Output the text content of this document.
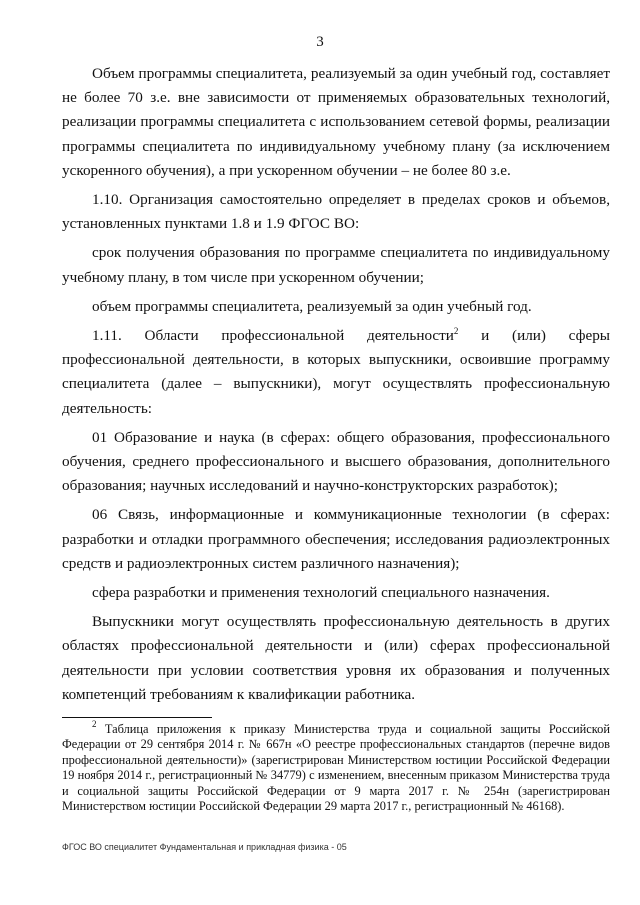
3

Объем программы специалитета, реализуемый за один учебный год, составляет не более 70 з.е. вне зависимости от применяемых образовательных технологий, реализации программы специалитета с использованием сетевой формы, реализации программы специалитета по индивидуальному учебному плану (за исключением ускоренного обучения), а при ускоренном обучении – не более 80 з.е.

1.10. Организация самостоятельно определяет в пределах сроков и объемов, установленных пунктами 1.8 и 1.9 ФГОС ВО:

срок получения образования по программе специалитета по индивидуальному учебному плану, в том числе при ускоренном обучении;

объем программы специалитета, реализуемый за один учебный год.

1.11. Области профессиональной деятельности$^2$ и (или) сферы профессиональной деятельности, в которых выпускники, освоившие программу специалитета (далее – выпускники), могут осуществлять профессиональную деятельность:

01 Образование и наука (в сферах: общего образования, профессионального обучения, среднего профессионального и высшего образования, дополнительного образования; научных исследований и научно-конструкторских разработок);

06 Связь, информационные и коммуникационные технологии (в сферах: разработки и отладки программного обеспечения; исследования радиоэлектронных средств и радиоэлектронных систем различного назначения);

сфера разработки и применения технологий специального назначения.

Выпускники могут осуществлять профессиональную деятельность в других областях профессиональной деятельности и (или) сферах профессиональной деятельности при условии соответствия уровня их образования и полученных компетенций требованиям к квалификации работника.

$^2$ Таблица приложения к приказу Министерства труда и социальной защиты Российской Федерации от 29 сентября 2014 г. № 667н «О реестре профессиональных стандартов (перечне видов профессиональной деятельности)» (зарегистрирован Министерством юстиции Российской Федерации 19 ноября 2014 г., регистрационный № 34779) с изменением, внесенным приказом Министерства труда и социальной защиты Российской Федерации от 9 марта 2017 г. № 254н (зарегистрирован Министерством юстиции Российской Федерации 29 марта 2017 г., регистрационный № 46168).

ФГОС ВО специалитет Фундаментальная и прикладная физика - 05
